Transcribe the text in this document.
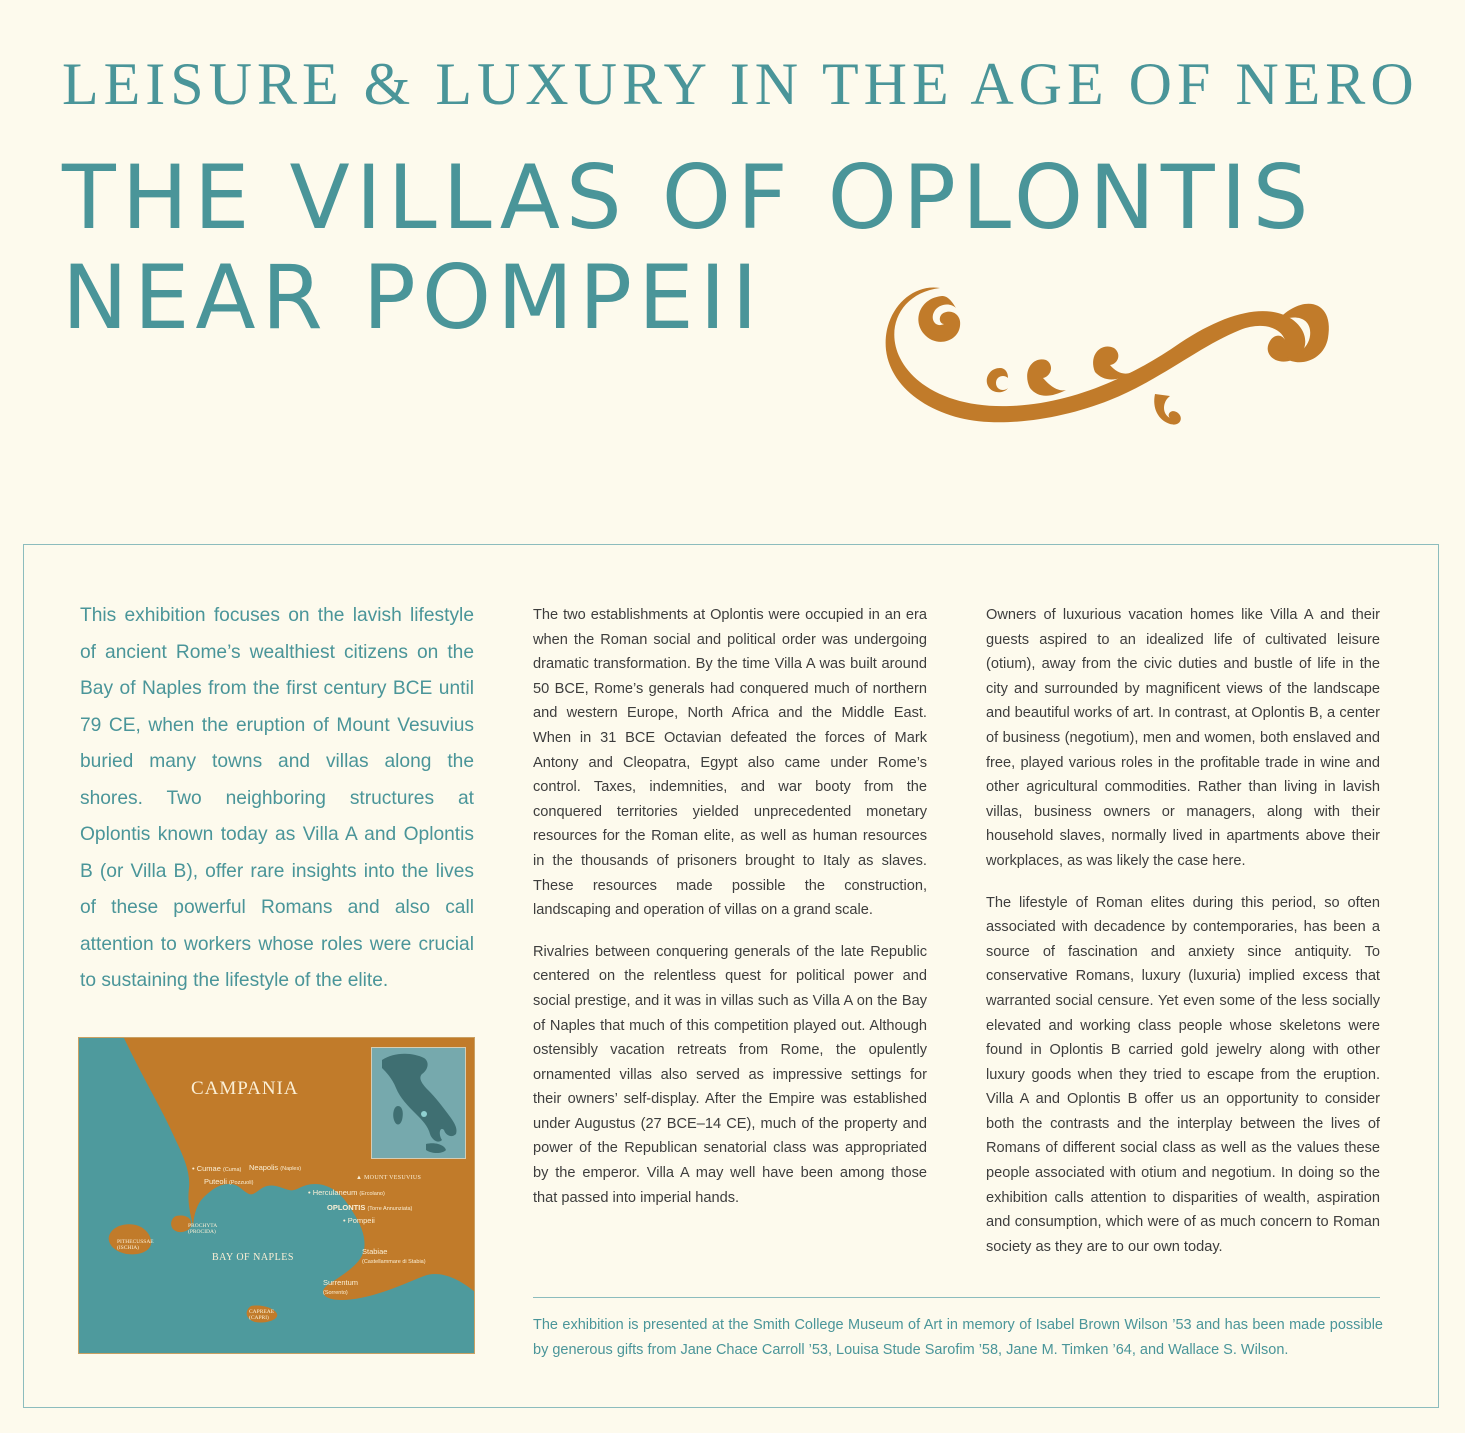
LEISURE & LUXURY IN THE AGE OF NERO
THE VILLAS OF OPLONTIS
NEAR POMPEII

This exhibition focuses on the lavish lifestyle of ancient Rome’s wealthiest citizens on the Bay of Naples from the first century BCE until 79 CE, when the eruption of Mount Vesuvius buried many towns and villas along the shores. Two neighboring structures at Oplontis known today as Villa A and Oplontis B (or Villa B), offer rare insights into the lives of these powerful Romans and also call attention to workers whose roles were crucial to sustaining the lifestyle of the elite.

The two establishments at Oplontis were occupied in an era when the Roman social and political order was undergoing dramatic transformation. By the time Villa A was built around 50 BCE, Rome’s generals had conquered much of northern and western Europe, North Africa and the Middle East. When in 31 BCE Octavian defeated the forces of Mark Antony and Cleopatra, Egypt also came under Rome’s control. Taxes, indemnities, and war booty from the conquered territories yielded unprecedented monetary resources for the Roman elite, as well as human resources in the thousands of prisoners brought to Italy as slaves. These resources made possible the construction, landscaping and operation of villas on a grand scale.

Rivalries between conquering generals of the late Republic centered on the relentless quest for political power and social prestige, and it was in villas such as Villa A on the Bay of Naples that much of this competition played out. Although ostensibly vacation retreats from Rome, the opulently ornamented villas also served as impressive settings for their owners’ self-display. After the Empire was established under Augustus (27 BCE–14 CE), much of the property and power of the Republican senatorial class was appropriated by the emperor. Villa A may well have been among those that passed into imperial hands.

Owners of luxurious vacation homes like Villa A and their guests aspired to an idealized life of cultivated leisure (otium), away from the civic duties and bustle of life in the city and surrounded by magnificent views of the landscape and beautiful works of art. In contrast, at Oplontis B, a center of business (negotium), men and women, both enslaved and free, played various roles in the profitable trade in wine and other agricultural commodities. Rather than living in lavish villas, business owners or managers, along with their household slaves, normally lived in apartments above their workplaces, as was likely the case here.

The lifestyle of Roman elites during this period, so often associated with decadence by contemporaries, has been a source of fascination and anxiety since antiquity. To conservative Romans, luxury (luxuria) implied excess that warranted social censure. Yet even some of the less socially elevated and working class people whose skeletons were found in Oplontis B carried gold jewelry along with other luxury goods when they tried to escape from the eruption. Villa A and Oplontis B offer us an opportunity to consider both the contrasts and the interplay between the lives of Romans of different social class as well as the values these people associated with otium and negotium. In doing so the exhibition calls attention to disparities of wealth, aspiration and consumption, which were of as much concern to Roman society as they are to our own today.

The exhibition is presented at the Smith College Museum of Art in memory of Isabel Brown Wilson ’53 and has been made possible by generous gifts from Jane Chace Carroll ’53, Louisa Stude Sarofim ’58, Jane M. Timken ’64, and Wallace S. Wilson.

CAMPANIA
BAY OF NAPLES
▲ MOUNT VESUVIUS
• Cumae (Cuma) Neapolis (Naples)
Puteoli (Pozzuoli)
• Herculaneum (Ercolano)
OPLONTIS (Torre Annunziata)
• Pompeii
Stabiae
(Castellammare di Stabia)
Surrentum
(Sorrento)
PROCHYTA
(PROCIDA)
PITHECUSSAE
(ISCHIA)
CAPREAE
(CAPRI)
